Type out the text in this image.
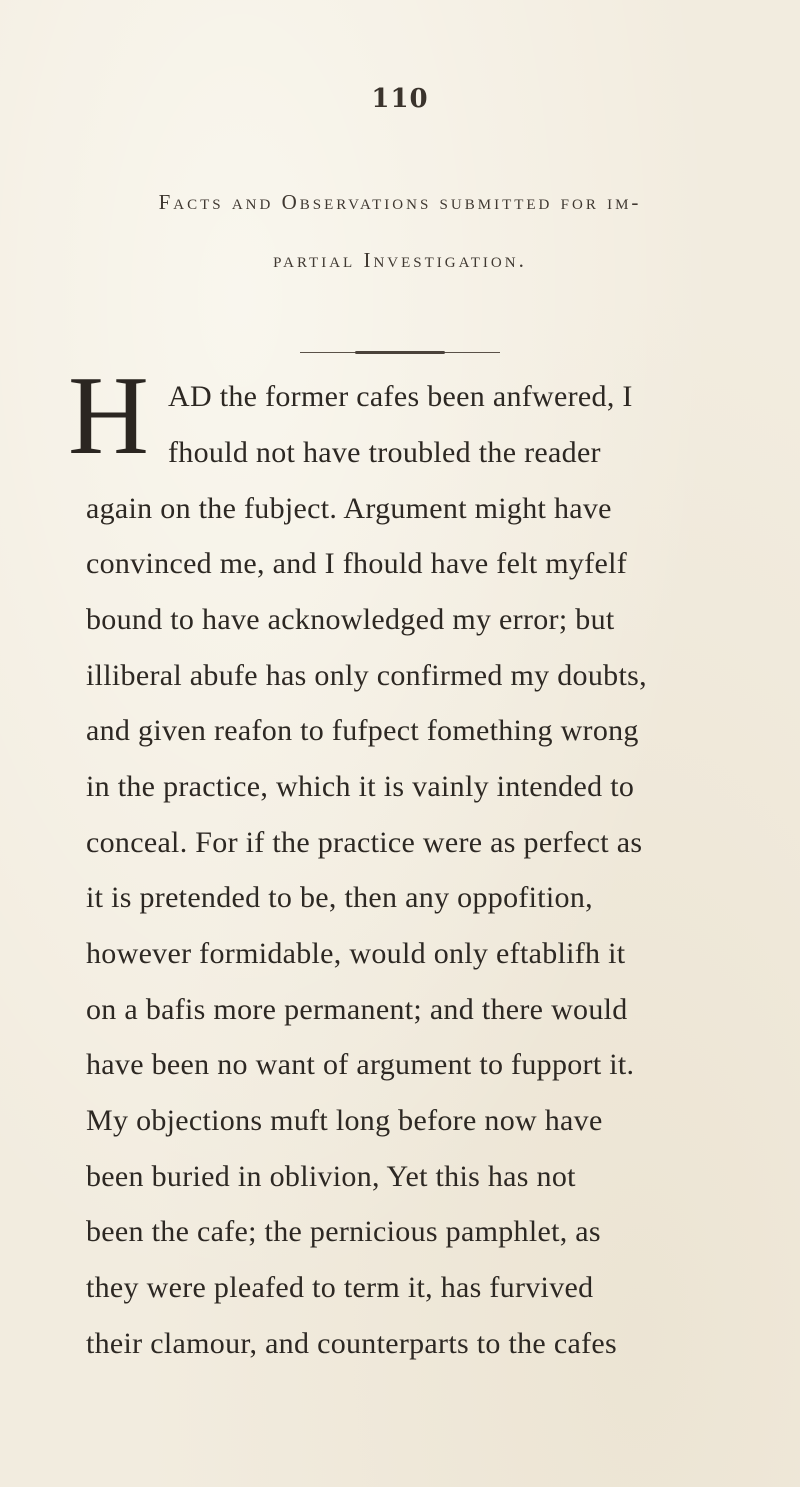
110
Facts and Observations submitted for im-
partial Investigation.
H AD the former cafes been anfwered, I
fhould not have troubled the reader
again on the fubject. Argument might have
convinced me, and I fhould have felt myfelf
bound to have acknowledged my error; but
illiberal abufe has only confirmed my doubts,
and given reafon to fufpect fomething wrong
in the practice, which it is vainly intended to
conceal. For if the practice were as perfect as
it is pretended to be, then any oppofition,
however formidable, would only eftablifh it
on a bafis more permanent; and there would
have been no want of argument to fupport it.
My objections muft long before now have
been buried in oblivion, Yet this has not
been the cafe; the pernicious pamphlet, as
they were pleafed to term it, has furvived
their clamour, and counterparts to the cafes
